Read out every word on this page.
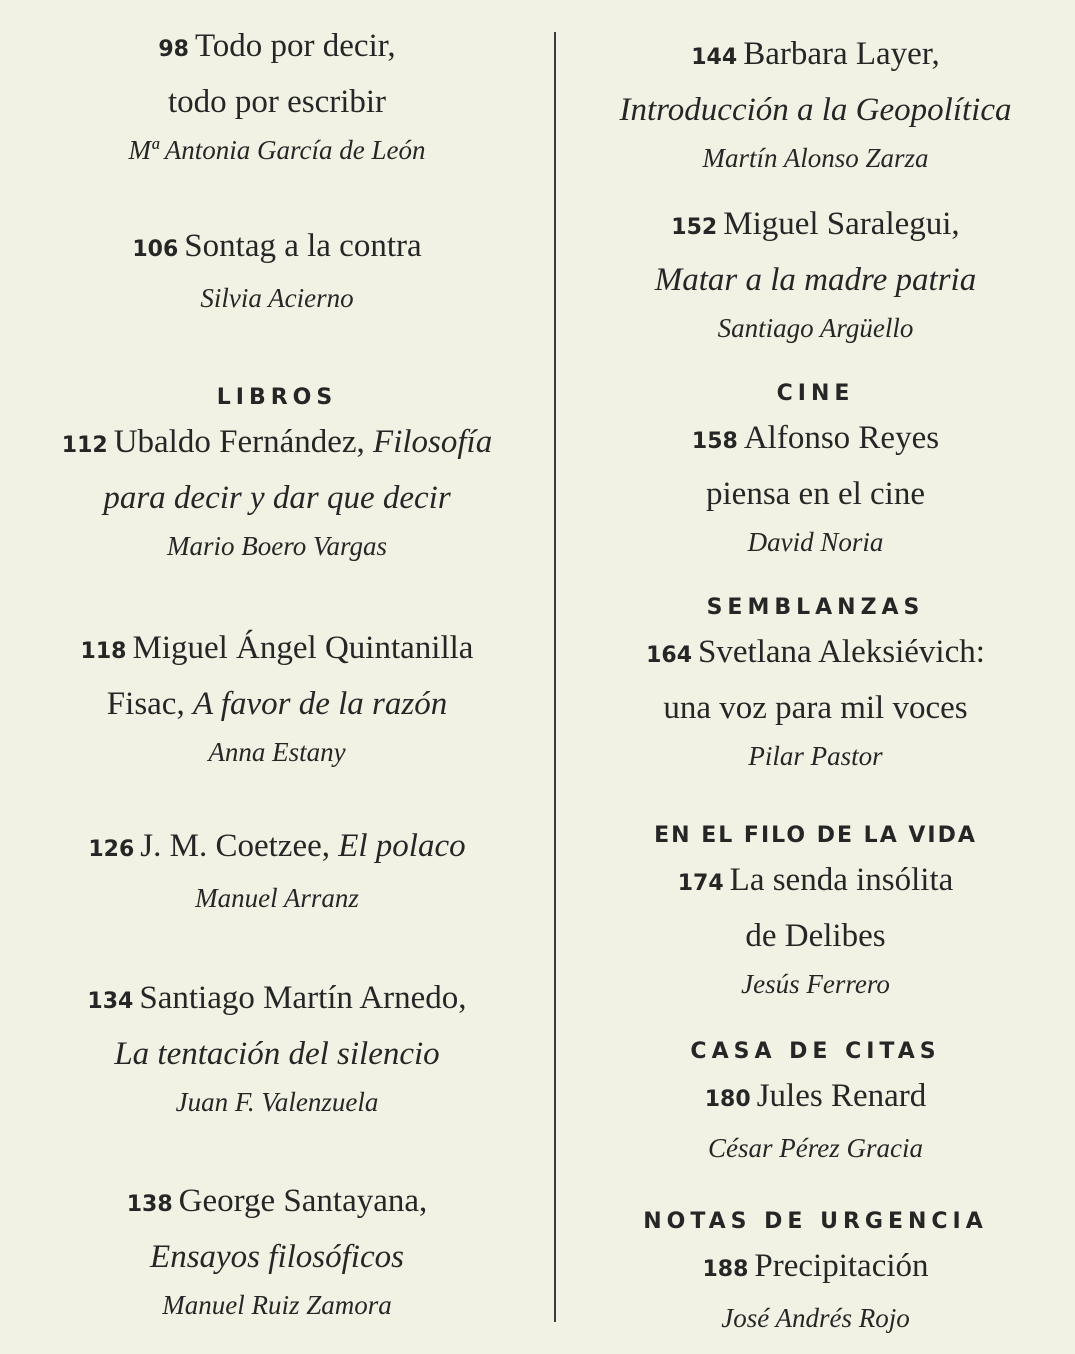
98 Todo por decir,
todo por escribir
Mª Antonia García de León
106 Sontag a la contra
Silvia Acierno
LIBROS
112 Ubaldo Fernández, Filosofía
para decir y dar que decir
Mario Boero Vargas
118 Miguel Ángel Quintanilla
Fisac, A favor de la razón
Anna Estany
126 J. M. Coetzee, El polaco
Manuel Arranz
134 Santiago Martín Arnedo,
La tentación del silencio
Juan F. Valenzuela
138 George Santayana,
Ensayos filosóficos
Manuel Ruiz Zamora
144 Barbara Layer,
Introducción a la Geopolítica
Martín Alonso Zarza
152 Miguel Saralegui,
Matar a la madre patria
Santiago Argüello
CINE
158 Alfonso Reyes
piensa en el cine
David Noria
SEMBLANZAS
164 Svetlana Aleksiévich:
una voz para mil voces
Pilar Pastor
EN EL FILO DE LA VIDA
174 La senda insólita
de Delibes
Jesús Ferrero
CASA DE CITAS
180 Jules Renard
César Pérez Gracia
NOTAS DE URGENCIA
188 Precipitación
José Andrés Rojo
